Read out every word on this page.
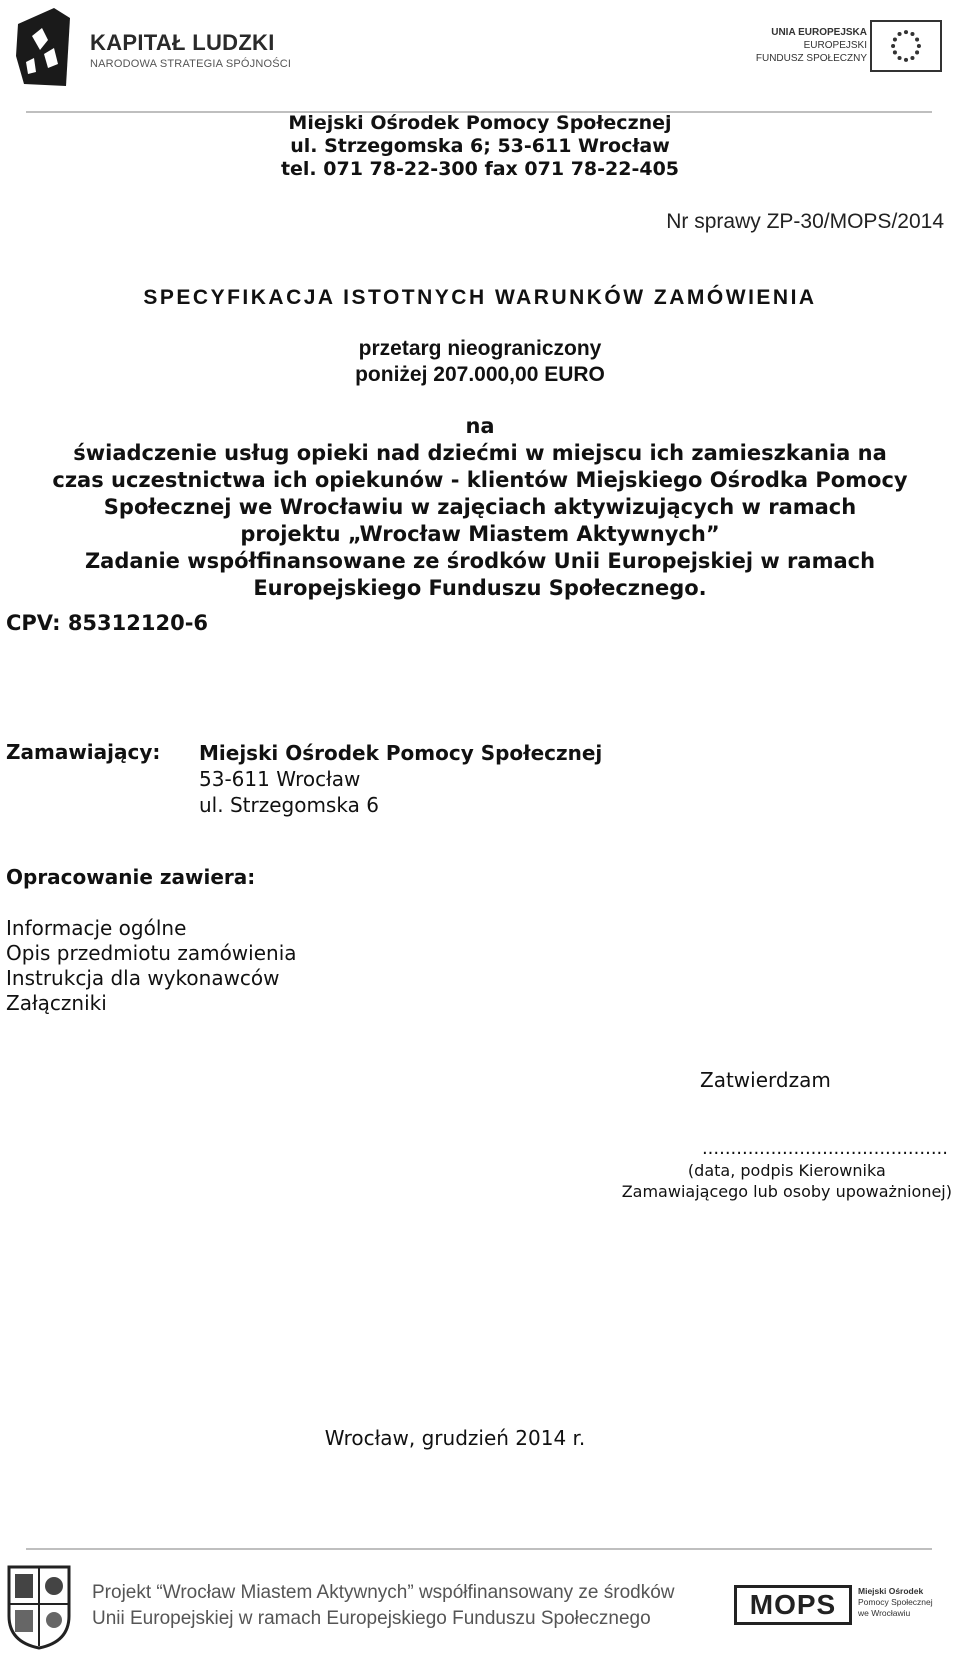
KAPITAŁ LUDZKI
NARODOWA STRATEGIA SPÓJNOŚCI
UNIA EUROPEJSKA
EUROPEJSKI
FUNDUSZ SPOŁECZNY
Miejski Ośrodek Pomocy Społecznej
ul. Strzegomska 6; 53-611 Wrocław
tel. 071 78-22-300 fax 071 78-22-405
Nr sprawy ZP-30/MOPS/2014
SPECYFIKACJA ISTOTNYCH WARUNKÓW ZAMÓWIENIA
przetarg nieograniczony
poniżej 207.000,00 EURO
na
świadczenie usług opieki nad dziećmi w miejscu ich zamieszkania na
czas uczestnictwa ich opiekunów - klientów Miejskiego Ośrodka Pomocy
Społecznej we Wrocławiu w zajęciach aktywizujących w ramach
projektu „Wrocław Miastem Aktywnych”
Zadanie współfinansowane ze środków Unii Europejskiej w ramach
Europejskiego Funduszu Społecznego.
CPV: 85312120-6
Zamawiający: Miejski Ośrodek Pomocy Społecznej
53-611 Wrocław
ul. Strzegomska 6
Opracowanie zawiera:
Informacje ogólne
Opis przedmiotu zamówienia
Instrukcja dla wykonawców
Załączniki
Zatwierdzam
...........................................
(data, podpis Kierownika
Zamawiającego lub osoby upoważnionej)
Wrocław, grudzień 2014 r.
Projekt “Wrocław Miastem Aktywnych” współfinansowany ze środków
Unii Europejskiej w ramach Europejskiego Funduszu Społecznego	MOPS	Miejski Ośrodek
Pomocy Społecznej
we Wrocławiu
